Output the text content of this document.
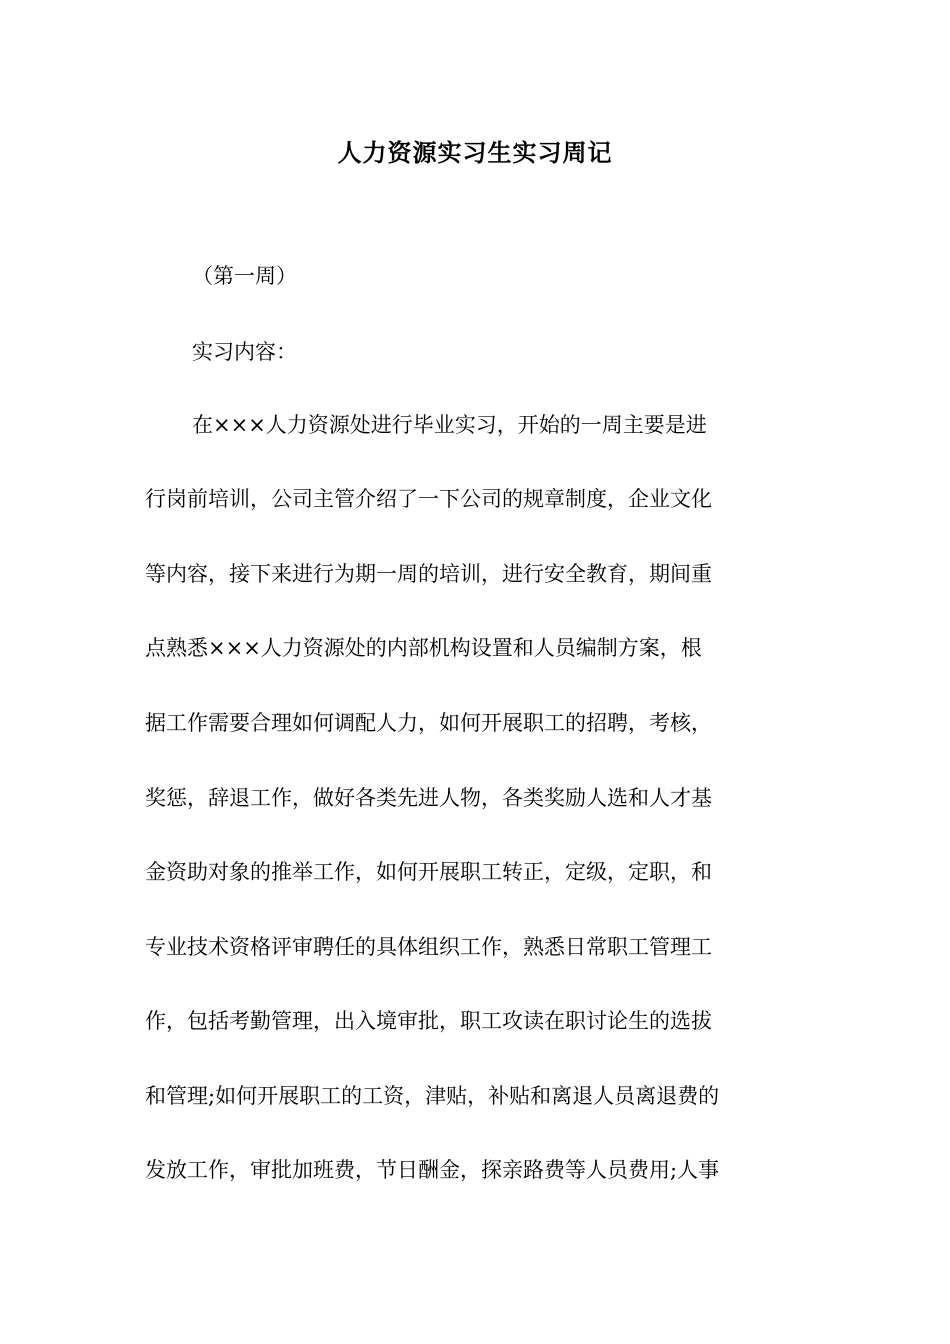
人力资源实习生实习周记

（第一周）

实习内容：

在×××人力资源处进行毕业实习，开始的一周主要是进

行岗前培训，公司主管介绍了一下公司的规章制度，企业文化

等内容，接下来进行为期一周的培训，进行安全教育，期间重

点熟悉×××人力资源处的内部机构设置和人员编制方案，根

据工作需要合理如何调配人力，如何开展职工的招聘，考核，

奖惩，辞退工作，做好各类先进人物，各类奖励人选和人才基

金资助对象的推举工作，如何开展职工转正，定级，定职，和

专业技术资格评审聘任的具体组织工作，熟悉日常职工管理工

作，包括考勤管理，出入境审批，职工攻读在职讨论生的选拔

和管理;如何开展职工的工资，津贴，补贴和离退人员离退费的

发放工作，审批加班费，节日酬金，探亲路费等人员费用;人事
